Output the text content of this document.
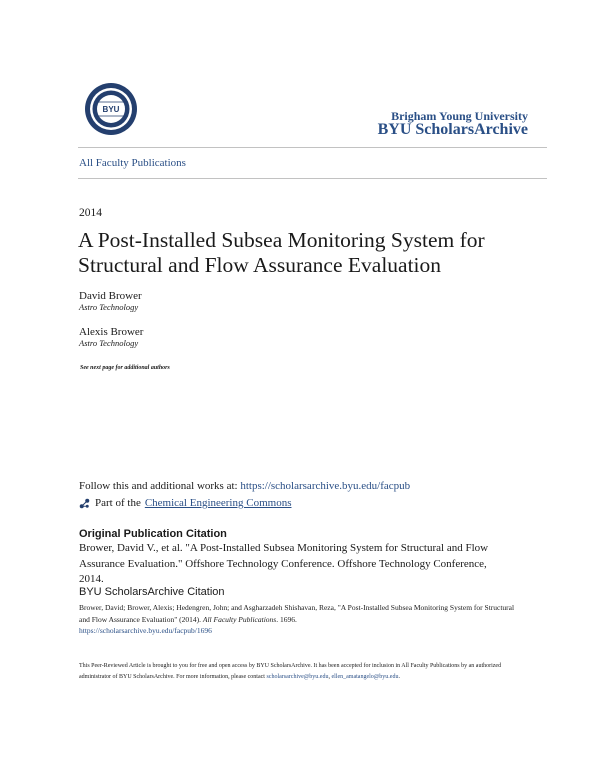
BYU	Brigham Young University
BYU ScholarsArchive
All Faculty Publications
2014
A Post-Installed Subsea Monitoring System for Structural and Flow Assurance Evaluation
David Brower
Astro Technology
Alexis Brower
Astro Technology
See next page for additional authors
Follow this and additional works at: https://scholarsarchive.byu.edu/facpub
Part of the Chemical Engineering Commons
Original Publication Citation
Brower, David V., et al. "A Post-Installed Subsea Monitoring System for Structural and Flow Assurance Evaluation." Offshore Technology Conference. Offshore Technology Conference, 2014.
BYU ScholarsArchive Citation
Brower, David; Brower, Alexis; Hedengren, John; and Asgharzadeh Shishavan, Reza, "A Post-Installed Subsea Monitoring System for Structural and Flow Assurance Evaluation" (2014). All Faculty Publications. 1696.
https://scholarsarchive.byu.edu/facpub/1696
This Peer-Reviewed Article is brought to you for free and open access by BYU ScholarsArchive. It has been accepted for inclusion in All Faculty Publications by an authorized administrator of BYU ScholarsArchive. For more information, please contact scholarsarchive@byu.edu, ellen_amatangelo@byu.edu.
